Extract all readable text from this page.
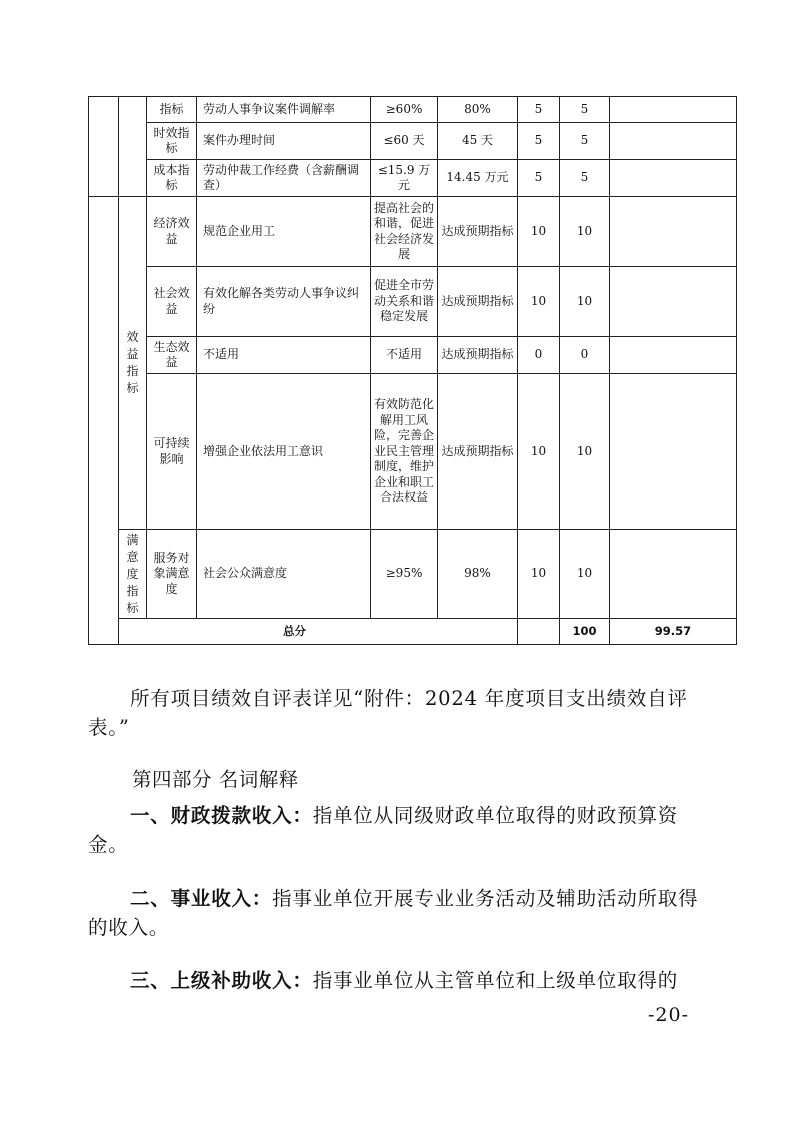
		指标	劳动人事争议案件调解率	≥60%	80%	5	5		
		时效指标	案件办理时间	≤60 天	45 天	5	5		
		成本指标	劳动仲裁工作经费（含薪酬调查）	≤15.9 万元	14.45 万元	5	5		
	效益指标	经济效益	规范企业用工	提高社会的和谐，促进社会经济发展	达成预期指标	10	10		
		社会效益	有效化解各类劳动人事争议纠纷	促进全市劳动关系和谐稳定发展	达成预期指标	10	10		
		生态效益	不适用	不适用	达成预期指标	0	0		
		可持续影响	增强企业依法用工意识	有效防范化解用工风险，完善企业民主管理制度，维护企业和职工合法权益	达成预期指标	10	10		
	满意度指标	服务对象满意度	社会公众满意度	≥95%	98%	10	10		
	总分						100	99.57	

所有项目绩效自评表详见“附件：2024 年度项目支出绩效自评表。”

第四部分 名词解释

一、财政拨款收入：指单位从同级财政单位取得的财政预算资金。

二、事业收入：指事业单位开展专业业务活动及辅助活动所取得的收入。

三、上级补助收入：指事业单位从主管单位和上级单位取得的

-20-
